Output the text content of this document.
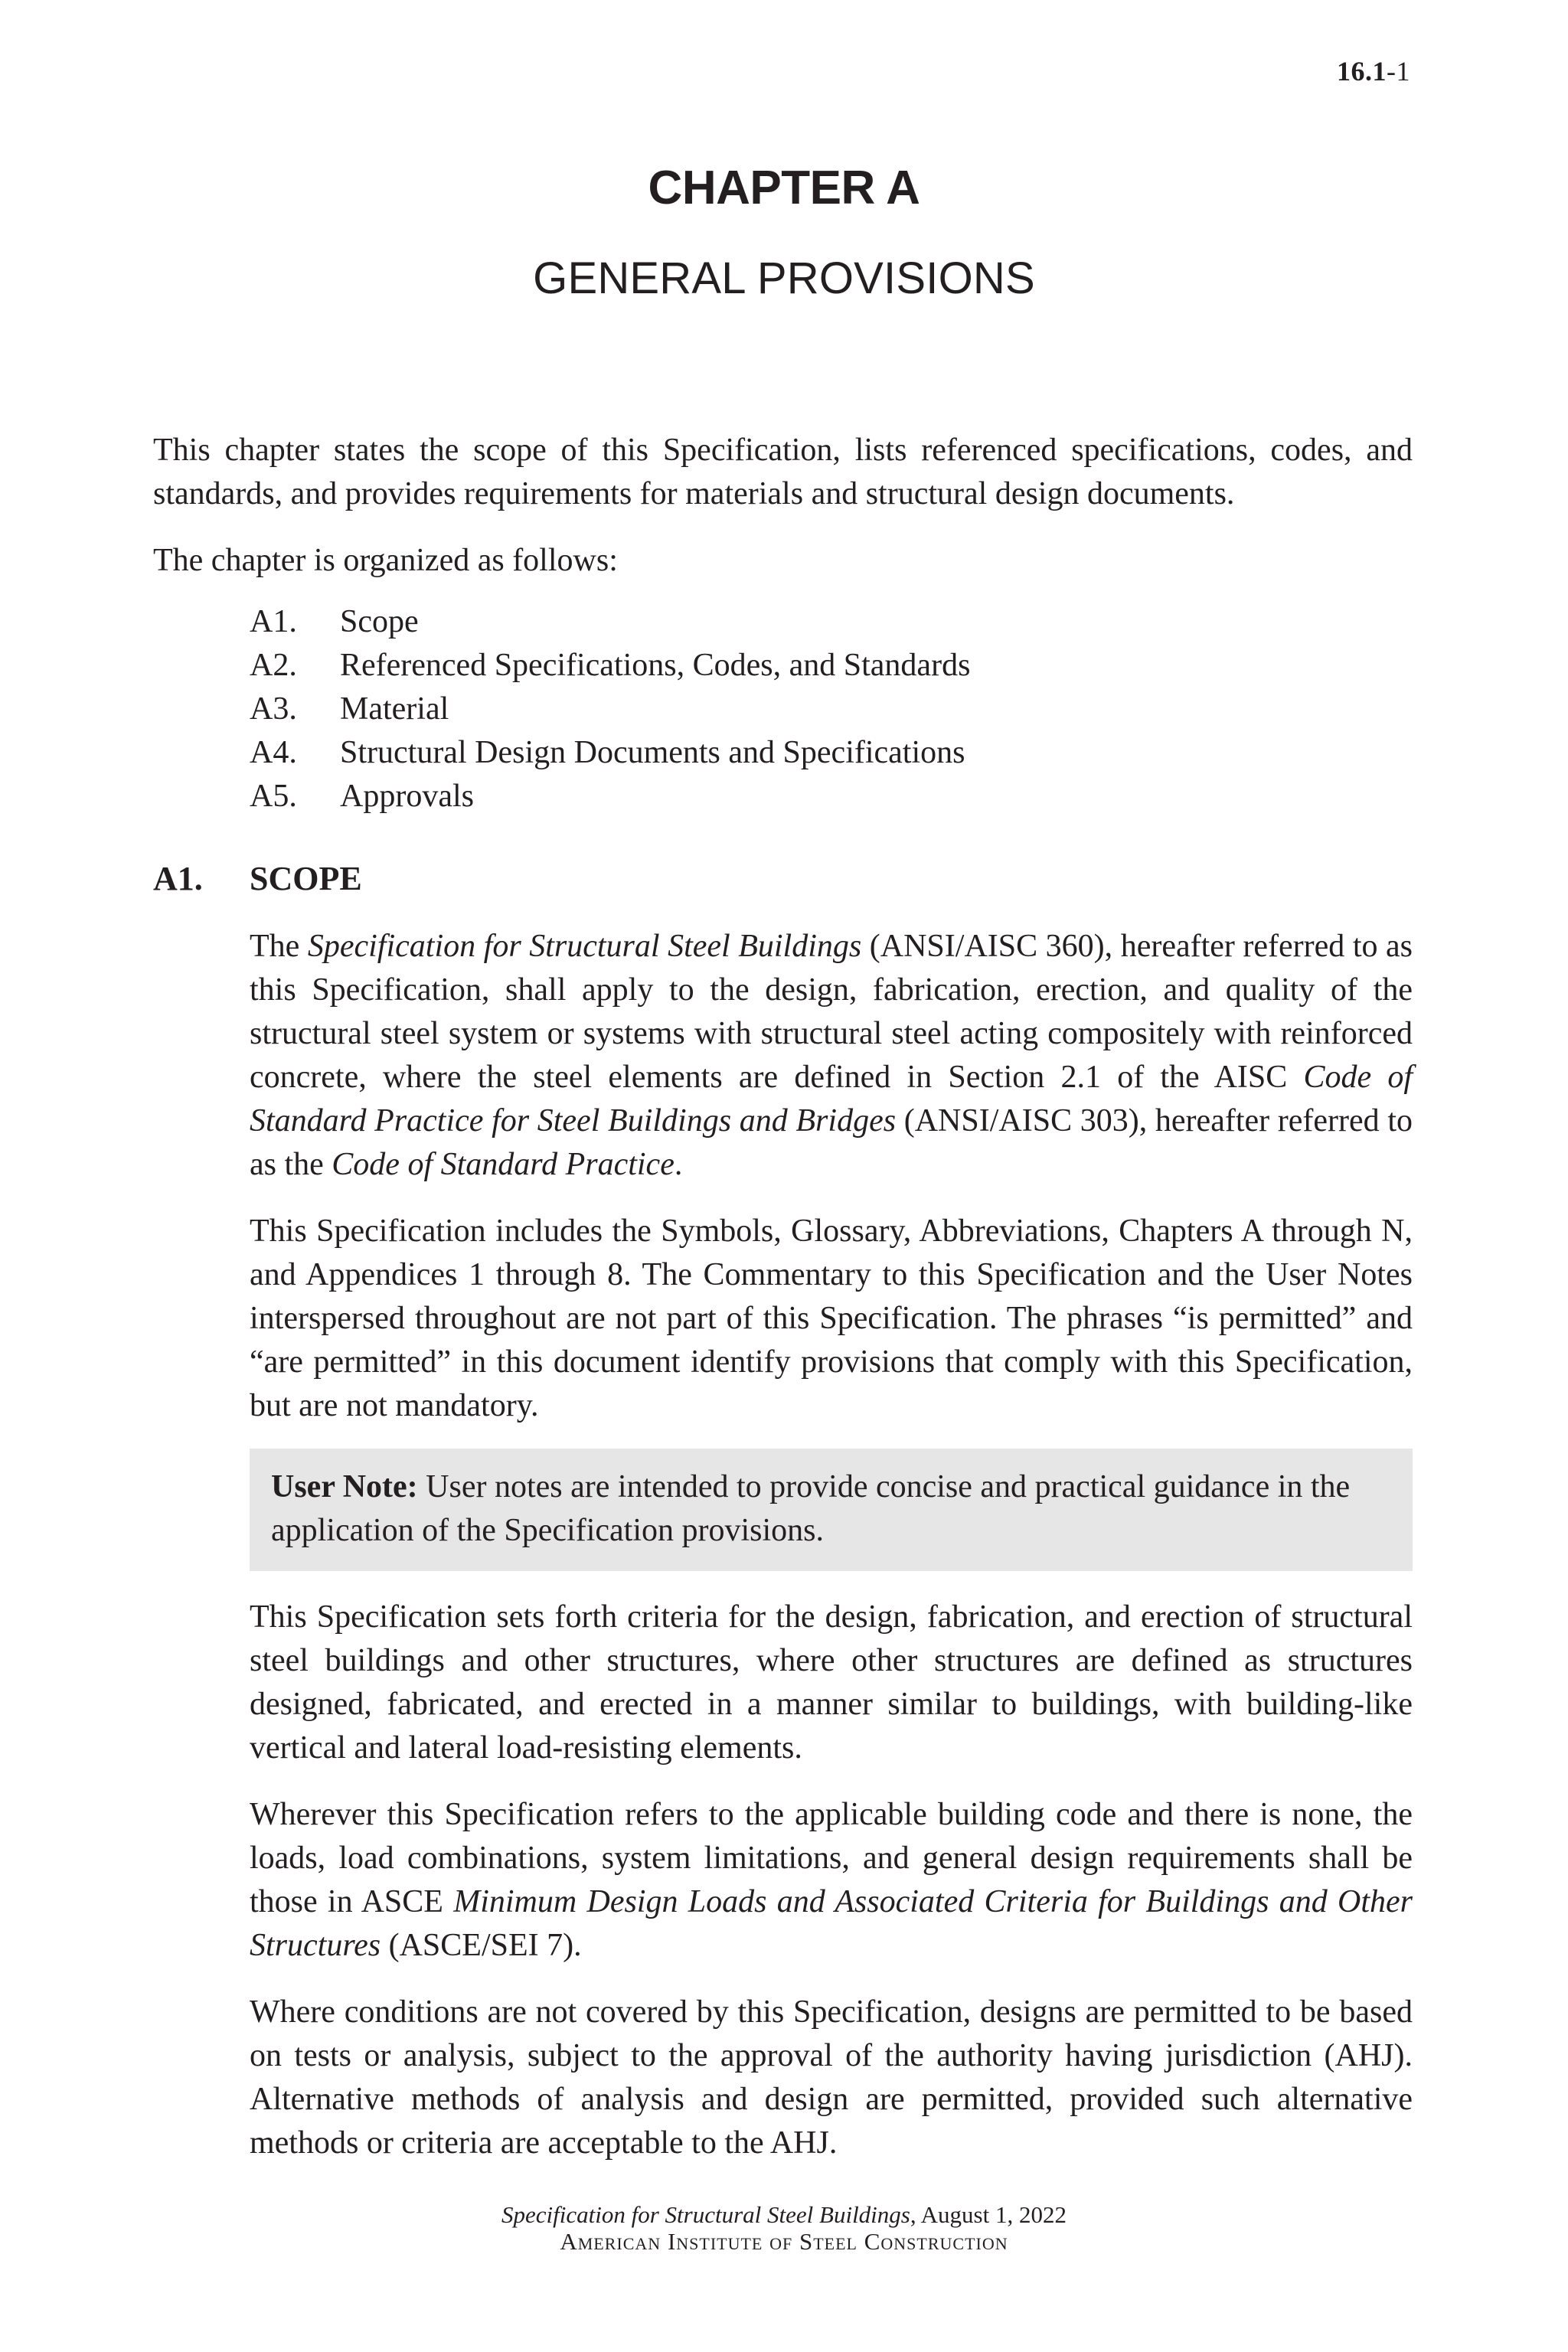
16.1-1
CHAPTER A
GENERAL PROVISIONS

This chapter states the scope of this Specification, lists referenced specifications, codes, and standards, and provides requirements for materials and structural design documents.

The chapter is organized as follows:

A1.	Scope
A2.	Referenced Specifications, Codes, and Standards
A3.	Material
A4.	Structural Design Documents and Specifications
A5.	Approvals
A1.	SCOPE

The Specification for Structural Steel Buildings (ANSI/AISC 360), hereafter referred to as this Specification, shall apply to the design, fabrication, erection, and quality of the structural steel system or systems with structural steel acting compositely with reinforced concrete, where the steel elements are defined in Section 2.1 of the AISC Code of Standard Practice for Steel Buildings and Bridges (ANSI/AISC 303), hereafter referred to as the Code of Standard Practice.

This Specification includes the Symbols, Glossary, Abbreviations, Chapters A through N, and Appendices 1 through 8. The Commentary to this Specification and the User Notes interspersed throughout are not part of this Specification. The phrases “is permitted” and “are permitted” in this document identify provisions that comply with this Specification, but are not mandatory.

User Note: User notes are intended to provide concise and practical guidance in the application of the Specification provisions.

This Specification sets forth criteria for the design, fabrication, and erection of structural steel buildings and other structures, where other structures are defined as structures designed, fabricated, and erected in a manner similar to buildings, with building-like vertical and lateral load-resisting elements.

Wherever this Specification refers to the applicable building code and there is none, the loads, load combinations, system limitations, and general design requirements shall be those in ASCE Minimum Design Loads and Associated Criteria for Buildings and Other Structures (ASCE/SEI 7).

Where conditions are not covered by this Specification, designs are permitted to be based on tests or analysis, subject to the approval of the authority having jurisdiction (AHJ). Alternative methods of analysis and design are permitted, provided such alternative methods or criteria are acceptable to the AHJ.

Specification for Structural Steel Buildings, August 1, 2022
American Institute of Steel Construction
